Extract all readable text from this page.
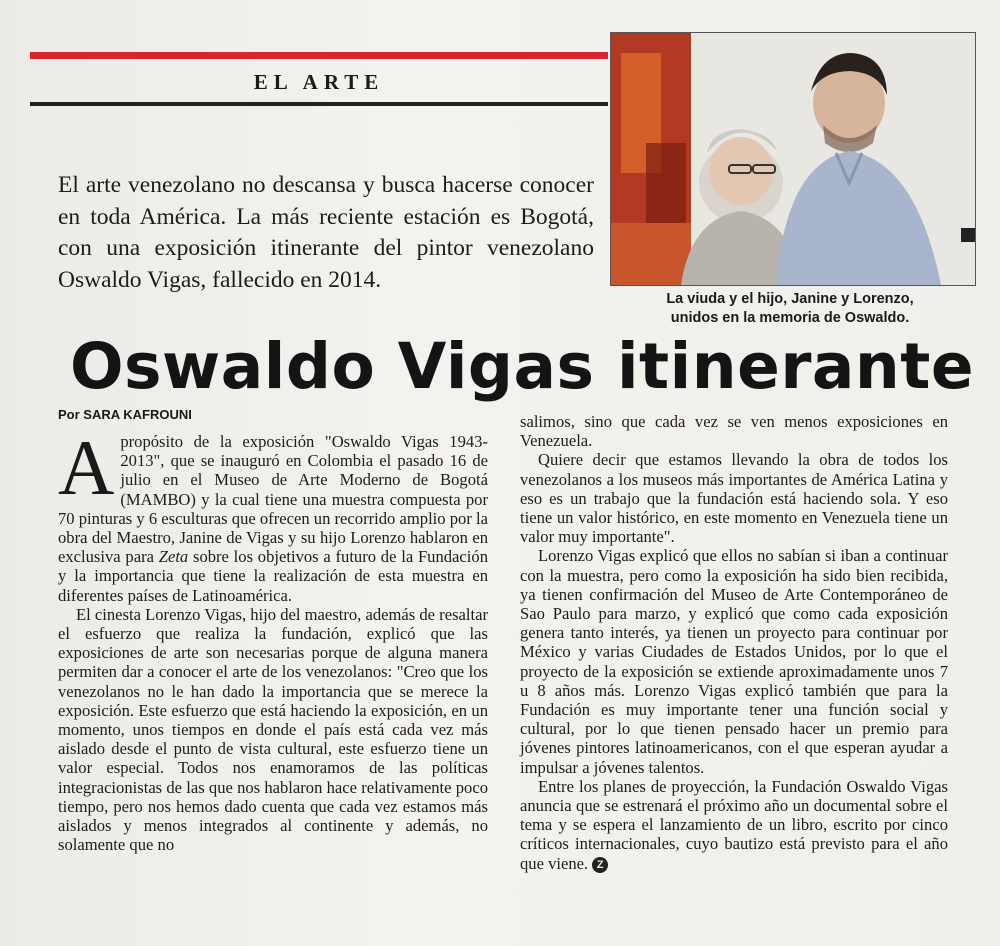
EL ARTE
El arte venezolano no descansa y busca hacerse conocer en toda América. La más reciente estación es Bogotá, con una exposición itinerante del pintor venezolano Oswaldo Vigas, fallecido en 2014.
La viuda y el hijo, Janine y Lorenzo,
unidos en la memoria de Oswaldo.
Oswaldo Vigas itinerante
Por SARA KAFROUNI

A propósito de la exposición "Oswaldo Vigas 1943-2013", que se inauguró en Colombia el pasado 16 de julio en el Museo de Arte Moderno de Bogotá (MAMBO) y la cual tiene una muestra compuesta por 70 pinturas y 6 esculturas que ofrecen un recorrido amplio por la obra del Maestro, Janine de Vigas y su hijo Lorenzo hablaron en exclusiva para Zeta sobre los objetivos a futuro de la Fundación y la importancia que tiene la realización de esta muestra en diferentes países de Latinoamérica.

El cinesta Lorenzo Vigas, hijo del maestro, además de resaltar el esfuerzo que realiza la fundación, explicó que las exposiciones de arte son necesarias porque de alguna manera permiten dar a conocer el arte de los venezolanos: "Creo que los venezolanos no le han dado la importancia que se merece la exposición. Este esfuerzo que está haciendo la exposición, en un momento, unos tiempos en donde el país está cada vez más aislado desde el punto de vista cultural, este esfuerzo tiene un valor especial. Todos nos enamoramos de las políticas integracionistas de las que nos hablaron hace relativamente poco tiempo, pero nos hemos dado cuenta que cada vez estamos más aislados y menos integrados al continente y además, no solamente que no

salimos, sino que cada vez se ven menos exposiciones en Venezuela.

Quiere decir que estamos llevando la obra de todos los venezolanos a los museos más importantes de América Latina y eso es un trabajo que la fundación está haciendo sola. Y eso tiene un valor histórico, en este momento en Venezuela tiene un valor muy importante".

Lorenzo Vigas explicó que ellos no sabían si iban a continuar con la muestra, pero como la exposición ha sido bien recibida, ya tienen confirmación del Museo de Arte Contemporáneo de Sao Paulo para marzo, y explicó que como cada exposición genera tanto interés, ya tienen un proyecto para continuar por México y varias Ciudades de Estados Unidos, por lo que el proyecto de la exposición se extiende aproximadamente unos 7 u 8 años más. Lorenzo Vigas explicó también que para la Fundación es muy importante tener una función social y cultural, por lo que tienen pensado hacer un premio para jóvenes pintores latinoamericanos, con el que esperan ayudar a impulsar a jóvenes talentos.

Entre los planes de proyección, la Fundación Oswaldo Vigas anuncia que se estrenará el próximo año un documental sobre el tema y se espera el lanzamiento de un libro, escrito por cinco críticos internacionales, cuyo bautizo está previsto para el año que viene. Z
